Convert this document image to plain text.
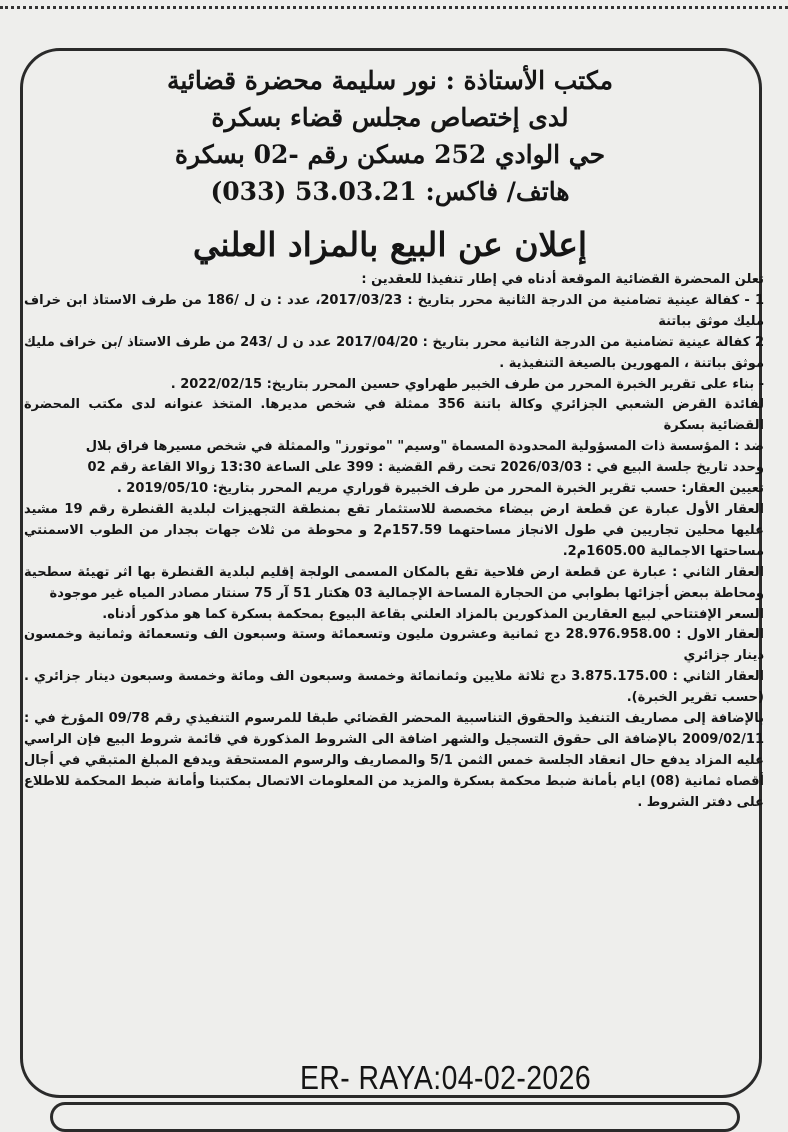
مكتب الأستاذة : نور سليمة محضرة قضائية
لدى إختصاص مجلس قضاء بسكرة
حي الوادي 252 مسكن رقم -02 بسكرة
هاتف/ فاكس: 53.03.21 (033)
إعلان عن البيع بالمزاد العلني

تعلن المحضرة القضائية الموقعة أدناه في إطار تنفيذا للعقدين :

1 - كفالة عينية تضامنية من الدرجة الثانية محرر بتاريخ : 2017/03/23، عدد : ن ل /186 من طرف الاستاذ ابن خراف مليك موثق بباتنة

2 كفالة عينية تضامنية من الدرجة الثانية محرر بتاريخ : 2017/04/20 عدد ن ل /243 من طرف الاستاذ /بن خراف مليك موثق بباتنة ، المهورين بالصيغة التنفيذية .

- بناء على تقرير الخبرة المحرر من طرف الخبير طهراوي حسين المحرر بتاريخ: 2022/02/15 .

لفائدة القرض الشعبي الجزائري وكالة باتنة 356 ممثلة في شخص مديرها. المتخذ عنوانه لدى مكتب المحضرة القضائية بسكرة

ضد : المؤسسة ذات المسؤولية المحدودة المسماة "وسيم" "موتورز" والممثلة في شخص مسيرها فراق بلال

وحدد تاريخ جلسة البيع في : 2026/03/03 تحت رقم القضية : 399 على الساعة 13:30 زوالا القاعة رقم 02

تعيين العقار: حسب تقرير الخبرة المحرر من طرف الخبيرة قوراري مريم المحرر بتاريخ: 2019/05/10 .

العقار الأول عبارة عن قطعة ارض بيضاء مخصصة للاستثمار تقع بمنطقة التجهيزات لبلدية القنطرة رقم 19 مشيد عليها محلين تجاريين في طول الانجاز مساحتهما 157.59م2 و محوطة من ثلاث جهات بجدار من الطوب الاسمنتي مساحتها الاجمالية 1605.00م2.

العقار الثاني : عبارة عن قطعة ارض فلاحية تقع بالمكان المسمى الولجة إقليم لبلدية القنطرة بها اثر تهيئة سطحية ومحاطة ببعض أجزائها بطوابي من الحجارة المساحة الإجمالية 03 هكتار 51 آر 75 سنتار مصادر المياه غير موجودة

السعر الإفتتاحي لبيع العقارين المذكورين بالمزاد العلني بقاعة البيوع بمحكمة بسكرة كما هو مذكور أدناه.

العقار الاول : 28.976.958.00 دج ثمانية وعشرون مليون وتسعمائة وستة وسبعون الف وتسعمائة وثمانية وخمسون دينار جزائري

العقار الثاني : 3.875.175.00 دج ثلاثة ملايين وثمانمائة وخمسة وسبعون الف ومائة وخمسة وسبعون دينار جزائري . (حسب تقرير الخبرة).

بالإضافة إلى مصاريف التنفيذ والحقوق التناسبية المحضر القضائي طبقا للمرسوم التنفيذي رقم 09/78 المؤرخ في : 2009/02/11 بالإضافة الى حقوق التسجيل والشهر اضافة الى الشروط المذكورة في قائمة شروط البيع فإن الراسي عليه المزاد يدفع حال انعقاد الجلسة خمس الثمن 5/1 والمصاريف والرسوم المستحقة ويدفع المبلغ المتبقي في أجال أقصاه ثمانية (08) ايام بأمانة ضبط محكمة بسكرة والمزيد من المعلومات الاتصال بمكتبنا وأمانة ضبط المحكمة للاطلاع على دفتر الشروط .

ER- RAYA:04-02-2026
